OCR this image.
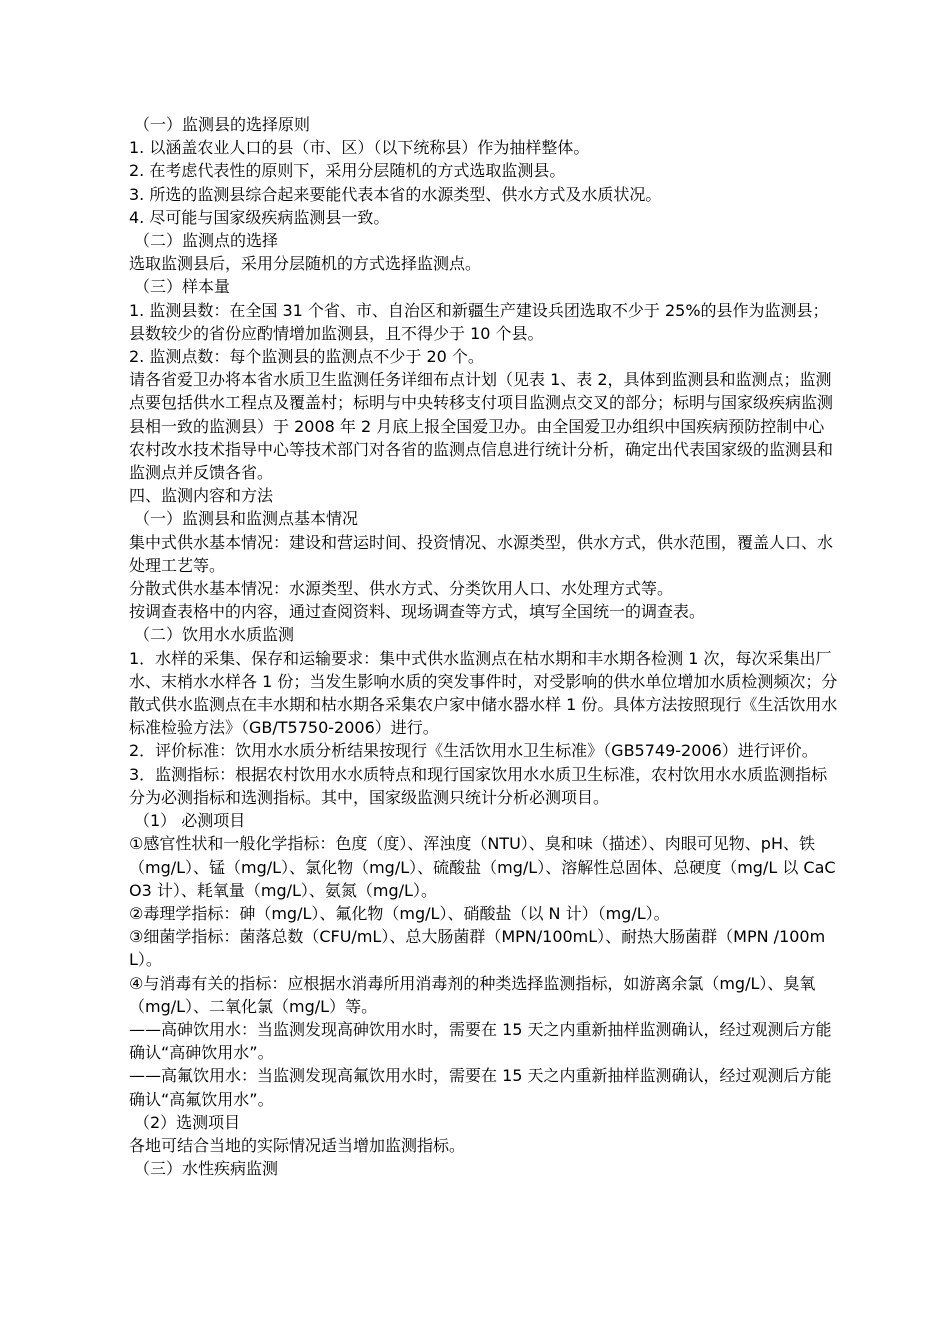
（一）监测县的选择原则

1. 以涵盖农业人口的县（市、区）（以下统称县）作为抽样整体。

2. 在考虑代表性的原则下，采用分层随机的方式选取监测县。

3. 所选的监测县综合起来要能代表本省的水源类型、供水方式及水质状况。

4. 尽可能与国家级疾病监测县一致。

（二）监测点的选择

选取监测县后，采用分层随机的方式选择监测点。

（三）样本量

1. 监测县数：在全国 31 个省、市、自治区和新疆生产建设兵团选取不少于 25%的县作为监测县；县数较少的省份应酌情增加监测县，且不得少于 10 个县。

2. 监测点数：每个监测县的监测点不少于 20 个。

请各省爱卫办将本省水质卫生监测任务详细布点计划（见表 1、表 2，具体到监测县和监测点；监测点要包括供水工程点及覆盖村；标明与中央转移支付项目监测点交叉的部分；标明与国家级疾病监测县相一致的监测县）于 2008 年 2 月底上报全国爱卫办。由全国爱卫办组织中国疾病预防控制中心农村改水技术指导中心等技术部门对各省的监测点信息进行统计分析，确定出代表国家级的监测县和监测点并反馈各省。

四、监测内容和方法

（一）监测县和监测点基本情况

集中式供水基本情况：建设和营运时间、投资情况、水源类型，供水方式，供水范围，覆盖人口、水处理工艺等。

分散式供水基本情况：水源类型、供水方式、分类饮用人口、水处理方式等。

按调查表格中的内容，通过查阅资料、现场调查等方式，填写全国统一的调查表。

（二）饮用水水质监测

1．水样的采集、保存和运输要求：集中式供水监测点在枯水期和丰水期各检测 1 次，每次采集出厂水、末梢水水样各 1 份；当发生影响水质的突发事件时，对受影响的供水单位增加水质检测频次；分散式供水监测点在丰水期和枯水期各采集农户家中储水器水样 1 份。具体方法按照现行《生活饮用水标准检验方法》（GB/T5750-2006）进行。

2．评价标准：饮用水水质分析结果按现行《生活饮用水卫生标准》（GB5749-2006）进行评价。

3．监测指标：根据农村饮用水水质特点和现行国家饮用水水质卫生标准，农村饮用水水质监测指标分为必测指标和选测指标。其中，国家级监测只统计分析必测项目。

（1） 必测项目

①感官性状和一般化学指标：色度（度）、浑浊度（NTU）、臭和味（描述）、肉眼可见物、pH、铁（mg/L）、锰（mg/L）、氯化物（mg/L）、硫酸盐（mg/L）、溶解性总固体、总硬度（mg/L 以 CaCO3 计）、耗氧量（mg/L）、氨氮（mg/L）。

②毒理学指标：砷（mg/L）、氟化物（mg/L）、硝酸盐（以 N 计）（mg/L）。

③细菌学指标：菌落总数（CFU/mL）、总大肠菌群（MPN/100mL）、耐热大肠菌群（MPN /100mL）。

④与消毒有关的指标：应根据水消毒所用消毒剂的种类选择监测指标，如游离余氯（mg/L）、臭氧（mg/L）、二氧化氯（mg/L）等。

——高砷饮用水：当监测发现高砷饮用水时，需要在 15 天之内重新抽样监测确认，经过观测后方能确认“高砷饮用水”。

——高氟饮用水：当监测发现高氟饮用水时，需要在 15 天之内重新抽样监测确认，经过观测后方能确认“高氟饮用水”。

（2）选测项目

各地可结合当地的实际情况适当增加监测指标。

（三）水性疾病监测
